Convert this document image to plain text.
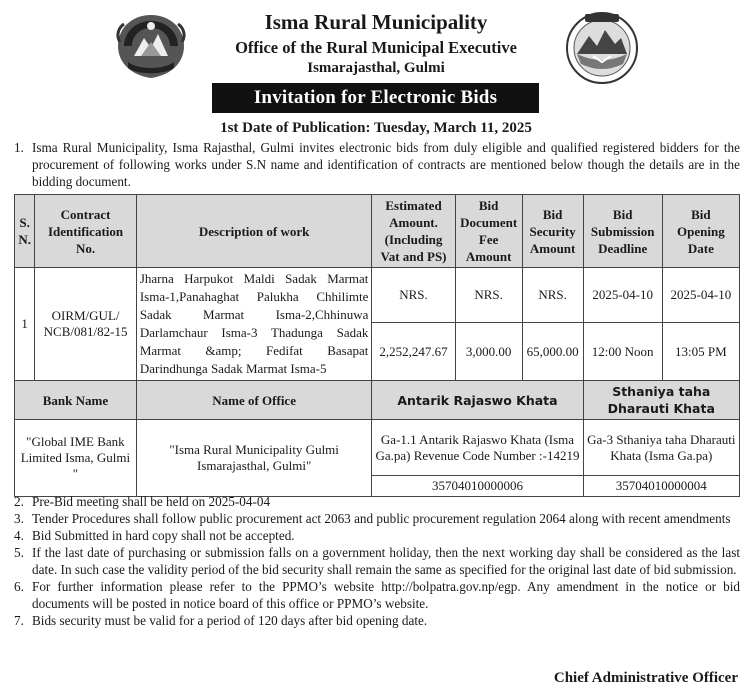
Isma Rural Municipality
Office of the Rural Municipal Executive
Ismarajasthal, Gulmi
Invitation for Electronic Bids
1st Date of Publication: Tuesday, March 11, 2025
1. Isma Rural Municipality, Isma Rajasthal, Gulmi invites electronic bids from duly eligible and qualified registered bidders for the procurement of following works under S.N name and identification of contracts are mentioned below though the details are in the bidding document.
S. N.	Contract Identification No.	Description of work	Estimated Amount. (Including Vat and PS)	Bid Document Fee Amount	Bid Security Amount	Bid Submission Deadline	Bid Opening Date
1	OIRM/GUL/ NCB/081/82-15	Jharna Harpukot Maldi Sadak Marmat Isma-1,Panahaghat Palukha Chhilimte Sadak Marmat Isma-2,Chhinuwa Darlamchaur Isma-3 Thadunga Sadak Marmat &amp; Fedifat Basapat Darindhunga Sadak Marmat Isma-5	NRS.	NRS.	NRS.	2025-04-10	2025-04-10
			2,252,247.67	3,000.00	65,000.00	12:00 Noon	13:05 PM
Bank Name		Name of Office	Antarik Rajaswo Khata			Sthaniya taha Dharauti Khata	
"Global IME Bank Limited Isma, Gulmi "		"Isma Rural Municipality Gulmi Ismarajasthal, Gulmi"	Ga-1.1 Antarik Rajaswo Khata (Isma Ga.pa) Revenue Code Number :-14219			Ga-3 Sthaniya taha Dharauti Khata (Isma Ga.pa)	
			35704010000006			35704010000004	
2. Pre-Bid meeting shall be held on 2025-04-04
3. Tender Procedures shall follow public procurement act 2063 and public procurement regulation 2064 along with recent amendments
4. Bid Submitted in hard copy shall not be accepted.
5. If the last date of purchasing or submission falls on a government holiday, then the next working day shall be considered as the last date. In such case the validity period of the bid security shall remain the same as specified for the original last date of bid submission.
6. For further information please refer to the PPMO’s website http://bolpatra.gov.np/egp. Any amendment in the notice or bid documents will be posted in notice board of this office or PPMO’s website.
7. Bids security must be valid for a period of 120 days after bid opening date.
Chief Administrative Officer
